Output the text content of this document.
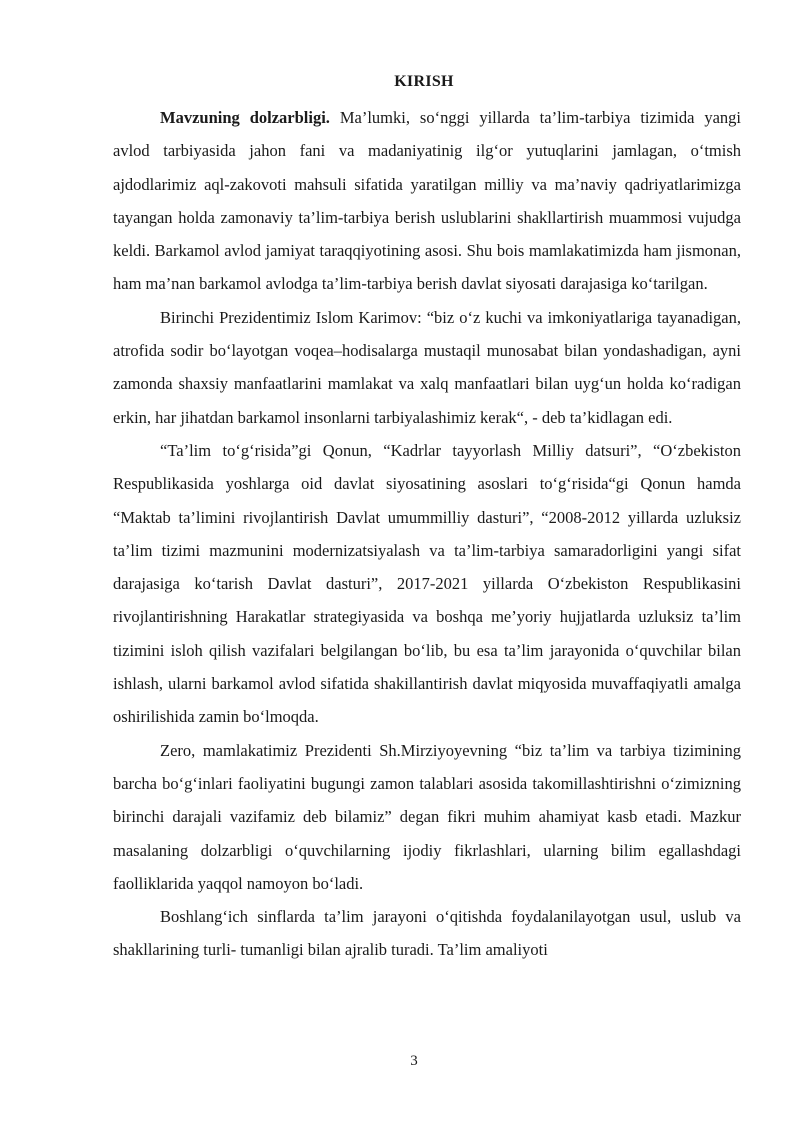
KIRISH

Mavzuning dolzarbligi. Ma’lumki, so‘nggi yillarda ta’lim-tarbiya tizimida yangi avlod tarbiyasida jahon fani va madaniyatinig ilg‘or yutuqlarini jamlagan, o‘tmish ajdodlarimiz aql-zakovoti mahsuli sifatida yaratilgan milliy va ma’naviy qadriyatlarimizga tayangan holda zamonaviy ta’lim-tarbiya berish uslublarini shakllartirish muammosi vujudga keldi. Barkamol avlod jamiyat taraqqiyotining asosi. Shu bois mamlakatimizda ham jismonan, ham ma’nan barkamol avlodga ta’lim-tarbiya berish davlat siyosati darajasiga ko‘tarilgan.

Birinchi Prezidentimiz Islom Karimov: “biz o‘z kuchi va imkoniyatlariga tayanadigan, atrofida sodir bo‘layotgan voqea–hodisalarga mustaqil munosabat bilan yondashadigan, ayni zamonda shaxsiy manfaatlarini mamlakat va xalq manfaatlari bilan uyg‘un holda ko‘radigan erkin, har jihatdan barkamol insonlarni tarbiyalashimiz kerak“, - deb ta’kidlagan edi.

“Ta’lim to‘g‘risida”gi Qonun, “Kadrlar tayyorlash Milliy datsuri”, “O‘zbekiston Respublikasida yoshlarga oid davlat siyosatining asoslari to‘g‘risida“gi Qonun hamda “Maktab ta’limini rivojlantirish Davlat umummilliy dasturi”, “2008-2012 yillarda uzluksiz ta’lim tizimi mazmunini modernizatsiyalash va ta’lim-tarbiya samaradorligini yangi sifat darajasiga ko‘tarish Davlat dasturi”, 2017-2021 yillarda O‘zbekiston Respublikasini rivojlantirishning Harakatlar strategiyasida va boshqa me’yoriy hujjatlarda uzluksiz ta’lim tizimini isloh qilish vazifalari belgilangan bo‘lib, bu esa ta’lim jarayonida o‘quvchilar bilan ishlash, ularni barkamol avlod sifatida shakillantirish davlat miqyosida muvaffaqiyatli amalga oshirilishida zamin bo‘lmoqda.

Zero, mamlakatimiz Prezidenti Sh.Mirziyoyevning “biz ta’lim va tarbiya tizimining barcha bo‘g‘inlari faoliyatini bugungi zamon talablari asosida takomillashtirishni o‘zimizning birinchi darajali vazifamiz deb bilamiz” degan fikri muhim ahamiyat kasb etadi. Mazkur masalaning dolzarbligi o‘quvchilarning ijodiy fikrlashlari, ularning bilim egallashdagi faolliklarida yaqqol namoyon bo‘ladi.

Boshlang‘ich sinflarda ta’lim jarayoni o‘qitishda foydalanilayotgan usul, uslub va shakllarining turli- tumanligi bilan ajralib turadi. Ta’lim amaliyoti

3
